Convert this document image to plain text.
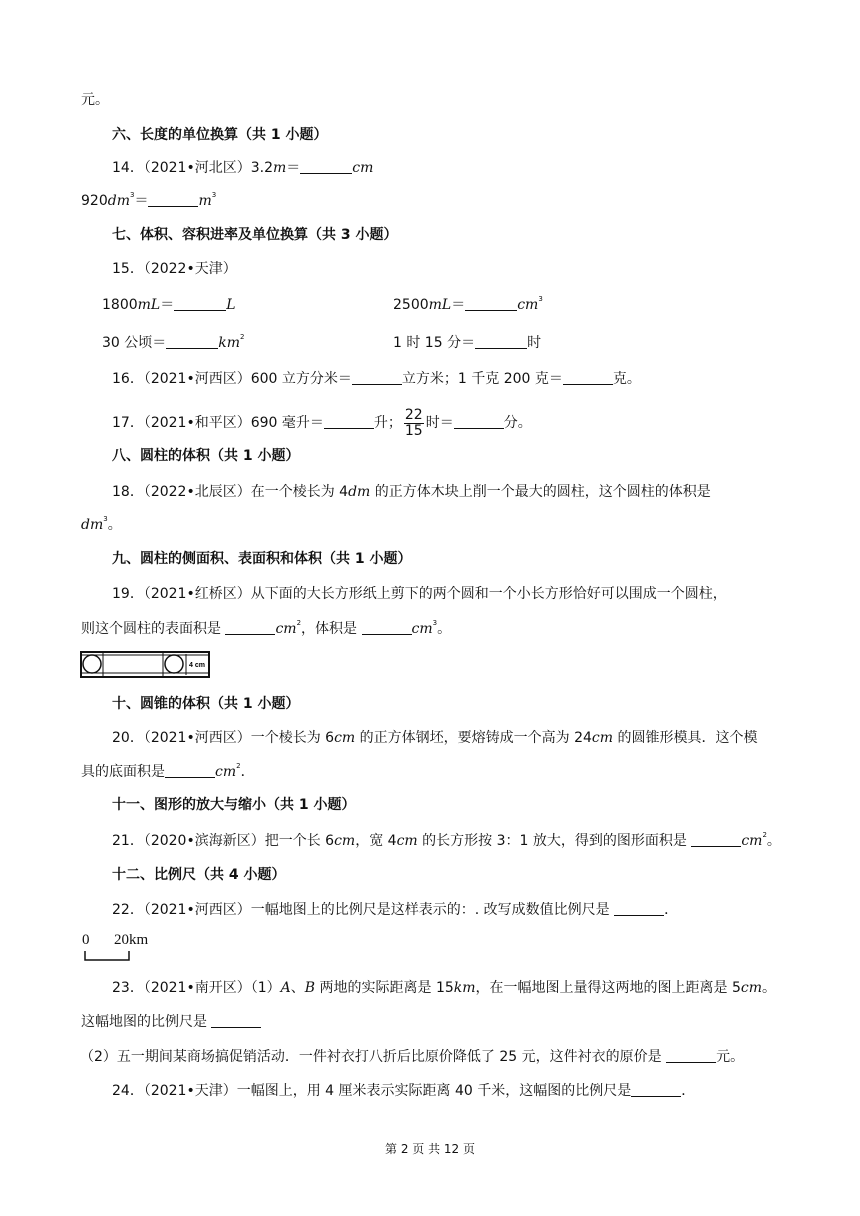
元。
六、长度的单位换算（共 1 小题）
14．（2021•河北区）3.2m＝	cm
$920dm^3=$	$m^3$
七、体积、容积进率及单位换算（共 3 小题）
15．（2022•天津）
1800mL＝	L	2500mL＝	$cm^3$
30 公顷＝	$km^2$	1 时 15 分＝	时
16．（2021•河西区）600 立方分米＝	立方米；1 千克 200 克＝	克。
17．（2021•和平区）690 毫升＝	升； $\frac{22}{15}$ 时＝	分。
八、圆柱的体积（共 1 小题）
18．（2022•北辰区）在一个棱长为 4dm 的正方体木块上削一个最大的圆柱，这个圆柱的体积是
$dm^3$。
九、圆柱的侧面积、表面积和体积（共 1 小题）
19．（2021•红桥区）从下面的大长方形纸上剪下的两个圆和一个小长方形恰好可以围成一个圆柱，
则这个圆柱的表面积是	$cm^2$，体积是	$cm^3$。
4 cm
十、圆锥的体积（共 1 小题）
20．（2021•河西区）一个棱长为 6cm 的正方体钢坯，要熔铸成一个高为 24cm 的圆锥形模具．这个模
具的底面积是	$cm^2$．
十一、图形的放大与缩小（共 1 小题）
21．（2020•滨海新区）把一个长 6cm，宽 4cm 的长方形按 3：1 放大，得到的图形面积是	$cm^2$。
十二、比例尺（共 4 小题）
22．（2021•河西区）一幅地图上的比例尺是这样表示的：. 改写成数值比例尺是	．
0 20km
23．（2021•南开区）（1）A、B 两地的实际距离是 15km，在一幅地图上量得这两地的图上距离是 5cm。
这幅地图的比例尺是
（2）五一期间某商场搞促销活动．一件衬衣打八折后比原价降低了 25 元，这件衬衣的原价是	元。
24．（2021•天津）一幅图上，用 4 厘米表示实际距离 40 千米，这幅图的比例尺是	．
第 2 页 共 12 页
